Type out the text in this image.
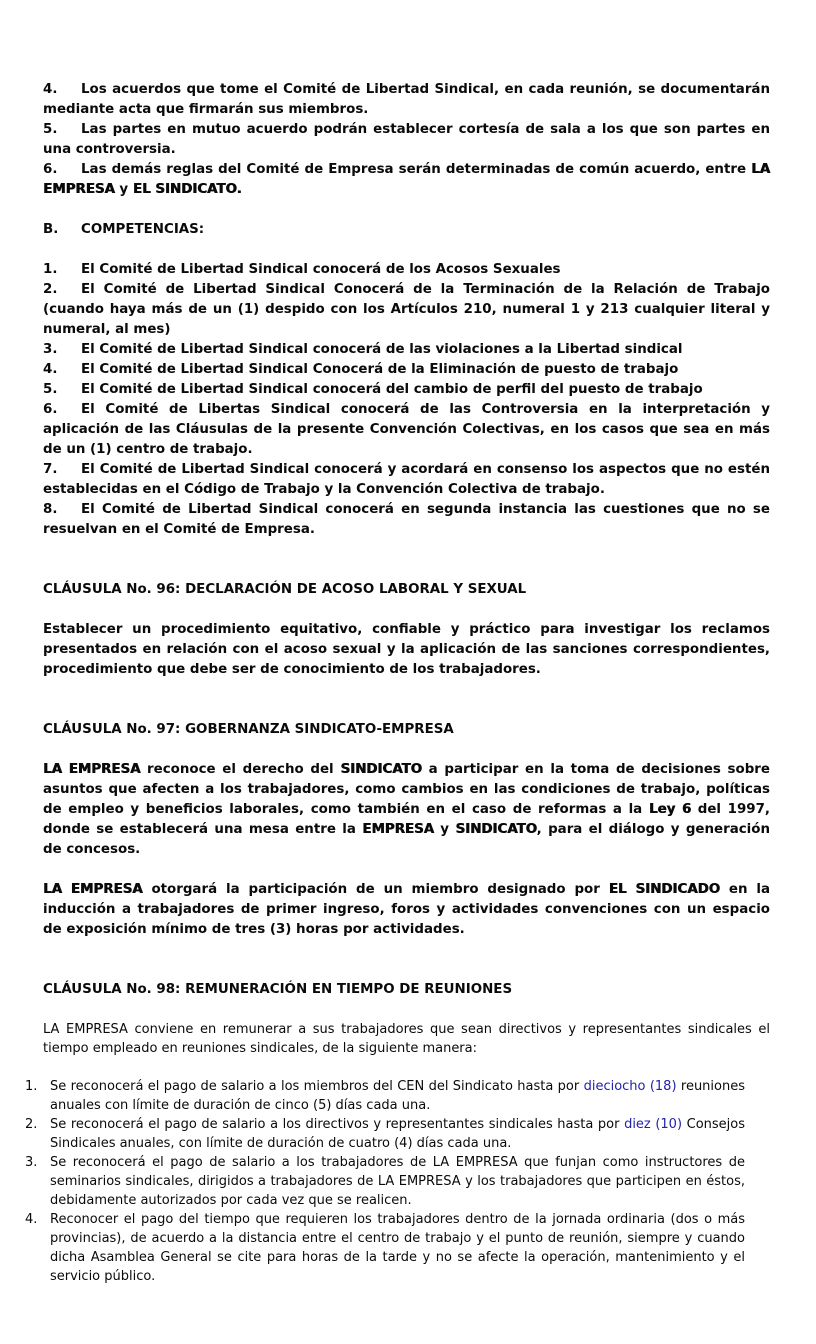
4. Los acuerdos que tome el Comité de Libertad Sindical, en cada reunión, se documentarán mediante acta que firmarán sus miembros.

5. Las partes en mutuo acuerdo podrán establecer cortesía de sala a los que son partes en una controversia.

6. Las demás reglas del Comité de Empresa serán determinadas de común acuerdo, entre LA EMPRESA y EL SINDICATO.

B. COMPETENCIAS:

1. El Comité de Libertad Sindical conocerá de los Acosos Sexuales

2. El Comité de Libertad Sindical Conocerá de la Terminación de la Relación de Trabajo (cuando haya más de un (1) despido con los Artículos 210, numeral 1 y 213 cualquier literal y numeral, al mes)

3. El Comité de Libertad Sindical conocerá de las violaciones a la Libertad sindical

4. El Comité de Libertad Sindical Conocerá de la Eliminación de puesto de trabajo

5. El Comité de Libertad Sindical conocerá del cambio de perfil del puesto de trabajo

6. El Comité de Libertas Sindical conocerá de las Controversia en la interpretación y aplicación de las Cláusulas de la presente Convención Colectivas, en los casos que sea en más de un (1) centro de trabajo.

7. El Comité de Libertad Sindical conocerá y acordará en consenso los aspectos que no estén establecidas en el Código de Trabajo y la Convención Colectiva de trabajo.

8. El Comité de Libertad Sindical conocerá en segunda instancia las cuestiones que no se resuelvan en el Comité de Empresa.

CLÁUSULA No. 96: DECLARACIÓN DE ACOSO LABORAL Y SEXUAL

Establecer un procedimiento equitativo, confiable y práctico para investigar los reclamos presentados en relación con el acoso sexual y la aplicación de las sanciones correspondientes, procedimiento que debe ser de conocimiento de los trabajadores.

CLÁUSULA No. 97: GOBERNANZA SINDICATO-EMPRESA

LA EMPRESA reconoce el derecho del SINDICATO a participar en la toma de decisiones sobre asuntos que afecten a los trabajadores, como cambios en las condiciones de trabajo, políticas de empleo y beneficios laborales, como también en el caso de reformas a la Ley 6 del 1997, donde se establecerá una mesa entre la EMPRESA y SINDICATO, para el diálogo y generación de concesos.

LA EMPRESA otorgará la participación de un miembro designado por EL SINDICADO en la inducción a trabajadores de primer ingreso, foros y actividades convenciones con un espacio de exposición mínimo de tres (3) horas por actividades.

CLÁUSULA No. 98: REMUNERACIÓN EN TIEMPO DE REUNIONES

LA EMPRESA conviene en remunerar a sus trabajadores que sean directivos y representantes sindicales el tiempo empleado en reuniones sindicales, de la siguiente manera:

1. Se reconocerá el pago de salario a los miembros del CEN del Sindicato hasta por dieciocho (18) reuniones anuales con límite de duración de cinco (5) días cada una.
2. Se reconocerá el pago de salario a los directivos y representantes sindicales hasta por diez (10) Consejos Sindicales anuales, con límite de duración de cuatro (4) días cada una.
3. Se reconocerá el pago de salario a los trabajadores de LA EMPRESA que funjan como instructores de seminarios sindicales, dirigidos a trabajadores de LA EMPRESA y los trabajadores que participen en éstos, debidamente autorizados por cada vez que se realicen.
4. Reconocer el pago del tiempo que requieren los trabajadores dentro de la jornada ordinaria (dos o más provincias), de acuerdo a la distancia entre el centro de trabajo y el punto de reunión, siempre y cuando dicha Asamblea General se cite para horas de la tarde y no se afecte la operación, mantenimiento y el servicio público.
